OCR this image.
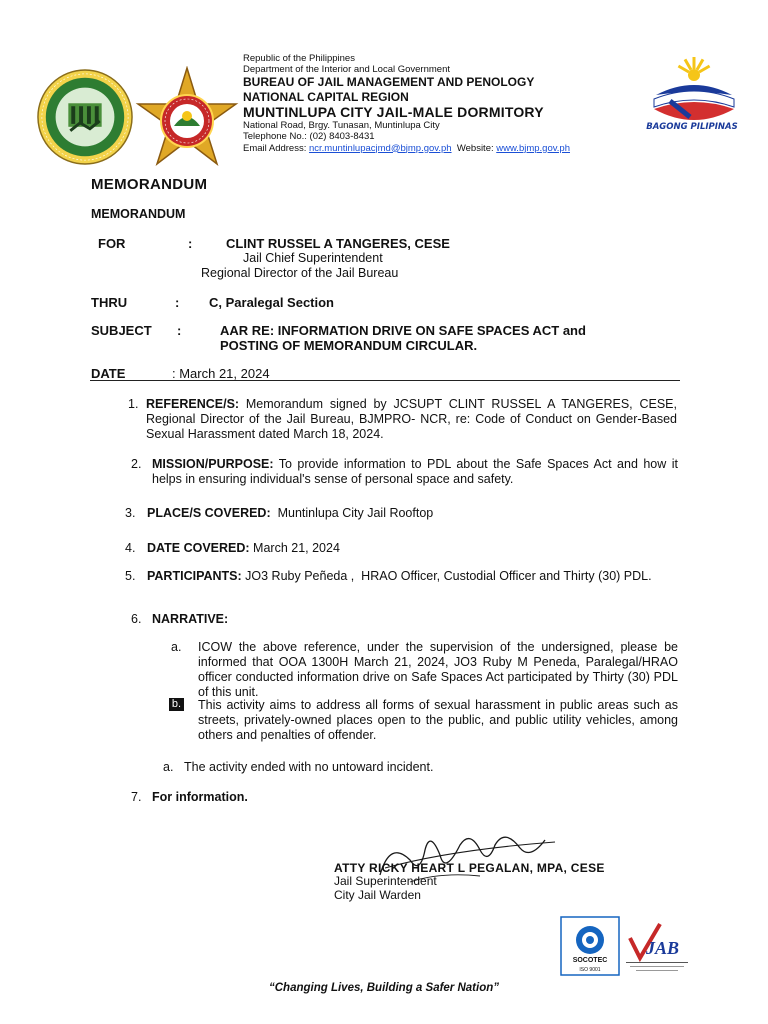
Republic of the Philippines
Department of the Interior and Local Government
BUREAU OF JAIL MANAGEMENT AND PENOLOGY
NATIONAL CAPITAL REGION
MUNTINLUPA CITY JAIL-MALE DORMITORY
National Road, Brgy. Tunasan, Muntinlupa City
Telephone No.: (02) 8403-8431
Email Address: ncr.muntinlupacjmd@bjmp.gov.ph  Website: www.bjmp.gov.ph
BAGONG PILIPINAS
MEMORANDUM
MEMORANDUM
FOR	:	CLINT RUSSEL A TANGERES, CESE
Jail Chief Superintendent
Regional Director of the Jail Bureau
THRU	: C, Paralegal Section
SUBJECT :	AAR RE: INFORMATION DRIVE ON SAFE SPACES ACT and
POSTING OF MEMORANDUM CIRCULAR.
DATE	: March 21, 2024
1. REFERENCE/S: Memorandum signed by JCSUPT CLINT RUSSEL A TANGERES, CESE, Regional Director of the Jail Bureau, BJMPRO- NCR, re: Code of Conduct on Gender-Based Sexual Harassment dated March 18, 2024.
2. MISSION/PURPOSE: To provide information to PDL about the Safe Spaces Act and how it helps in ensuring individual's sense of personal space and safety.
3. PLACE/S COVERED:  Muntinlupa City Jail Rooftop
4. DATE COVERED: March 21, 2024
5. PARTICIPANTS: JO3 Ruby Peñeda ,  HRAO Officer, Custodial Officer and Thirty (30) PDL.
6. NARRATIVE:
a. ICOW the above reference, under the supervision of the undersigned, please be informed that OOA 1300H March 21, 2024, JO3 Ruby M Peneda, Paralegal/HRAO officer conducted information drive on Safe Spaces Act participated by Thirty (30) PDL of this unit.
b. This activity aims to address all forms of sexual harassment in public areas such as streets, privately-owned places open to the public, and public utility vehicles, among others and penalties of offender.
a. The activity ended with no untoward incident.
7. For information.
ATTY RICKY HEART L PEGALAN, MPA, CESE
Jail Superintendent
City Jail Warden
SOCOTEC
ISO 9001
JAB
“Changing Lives, Building a Safer Nation”
